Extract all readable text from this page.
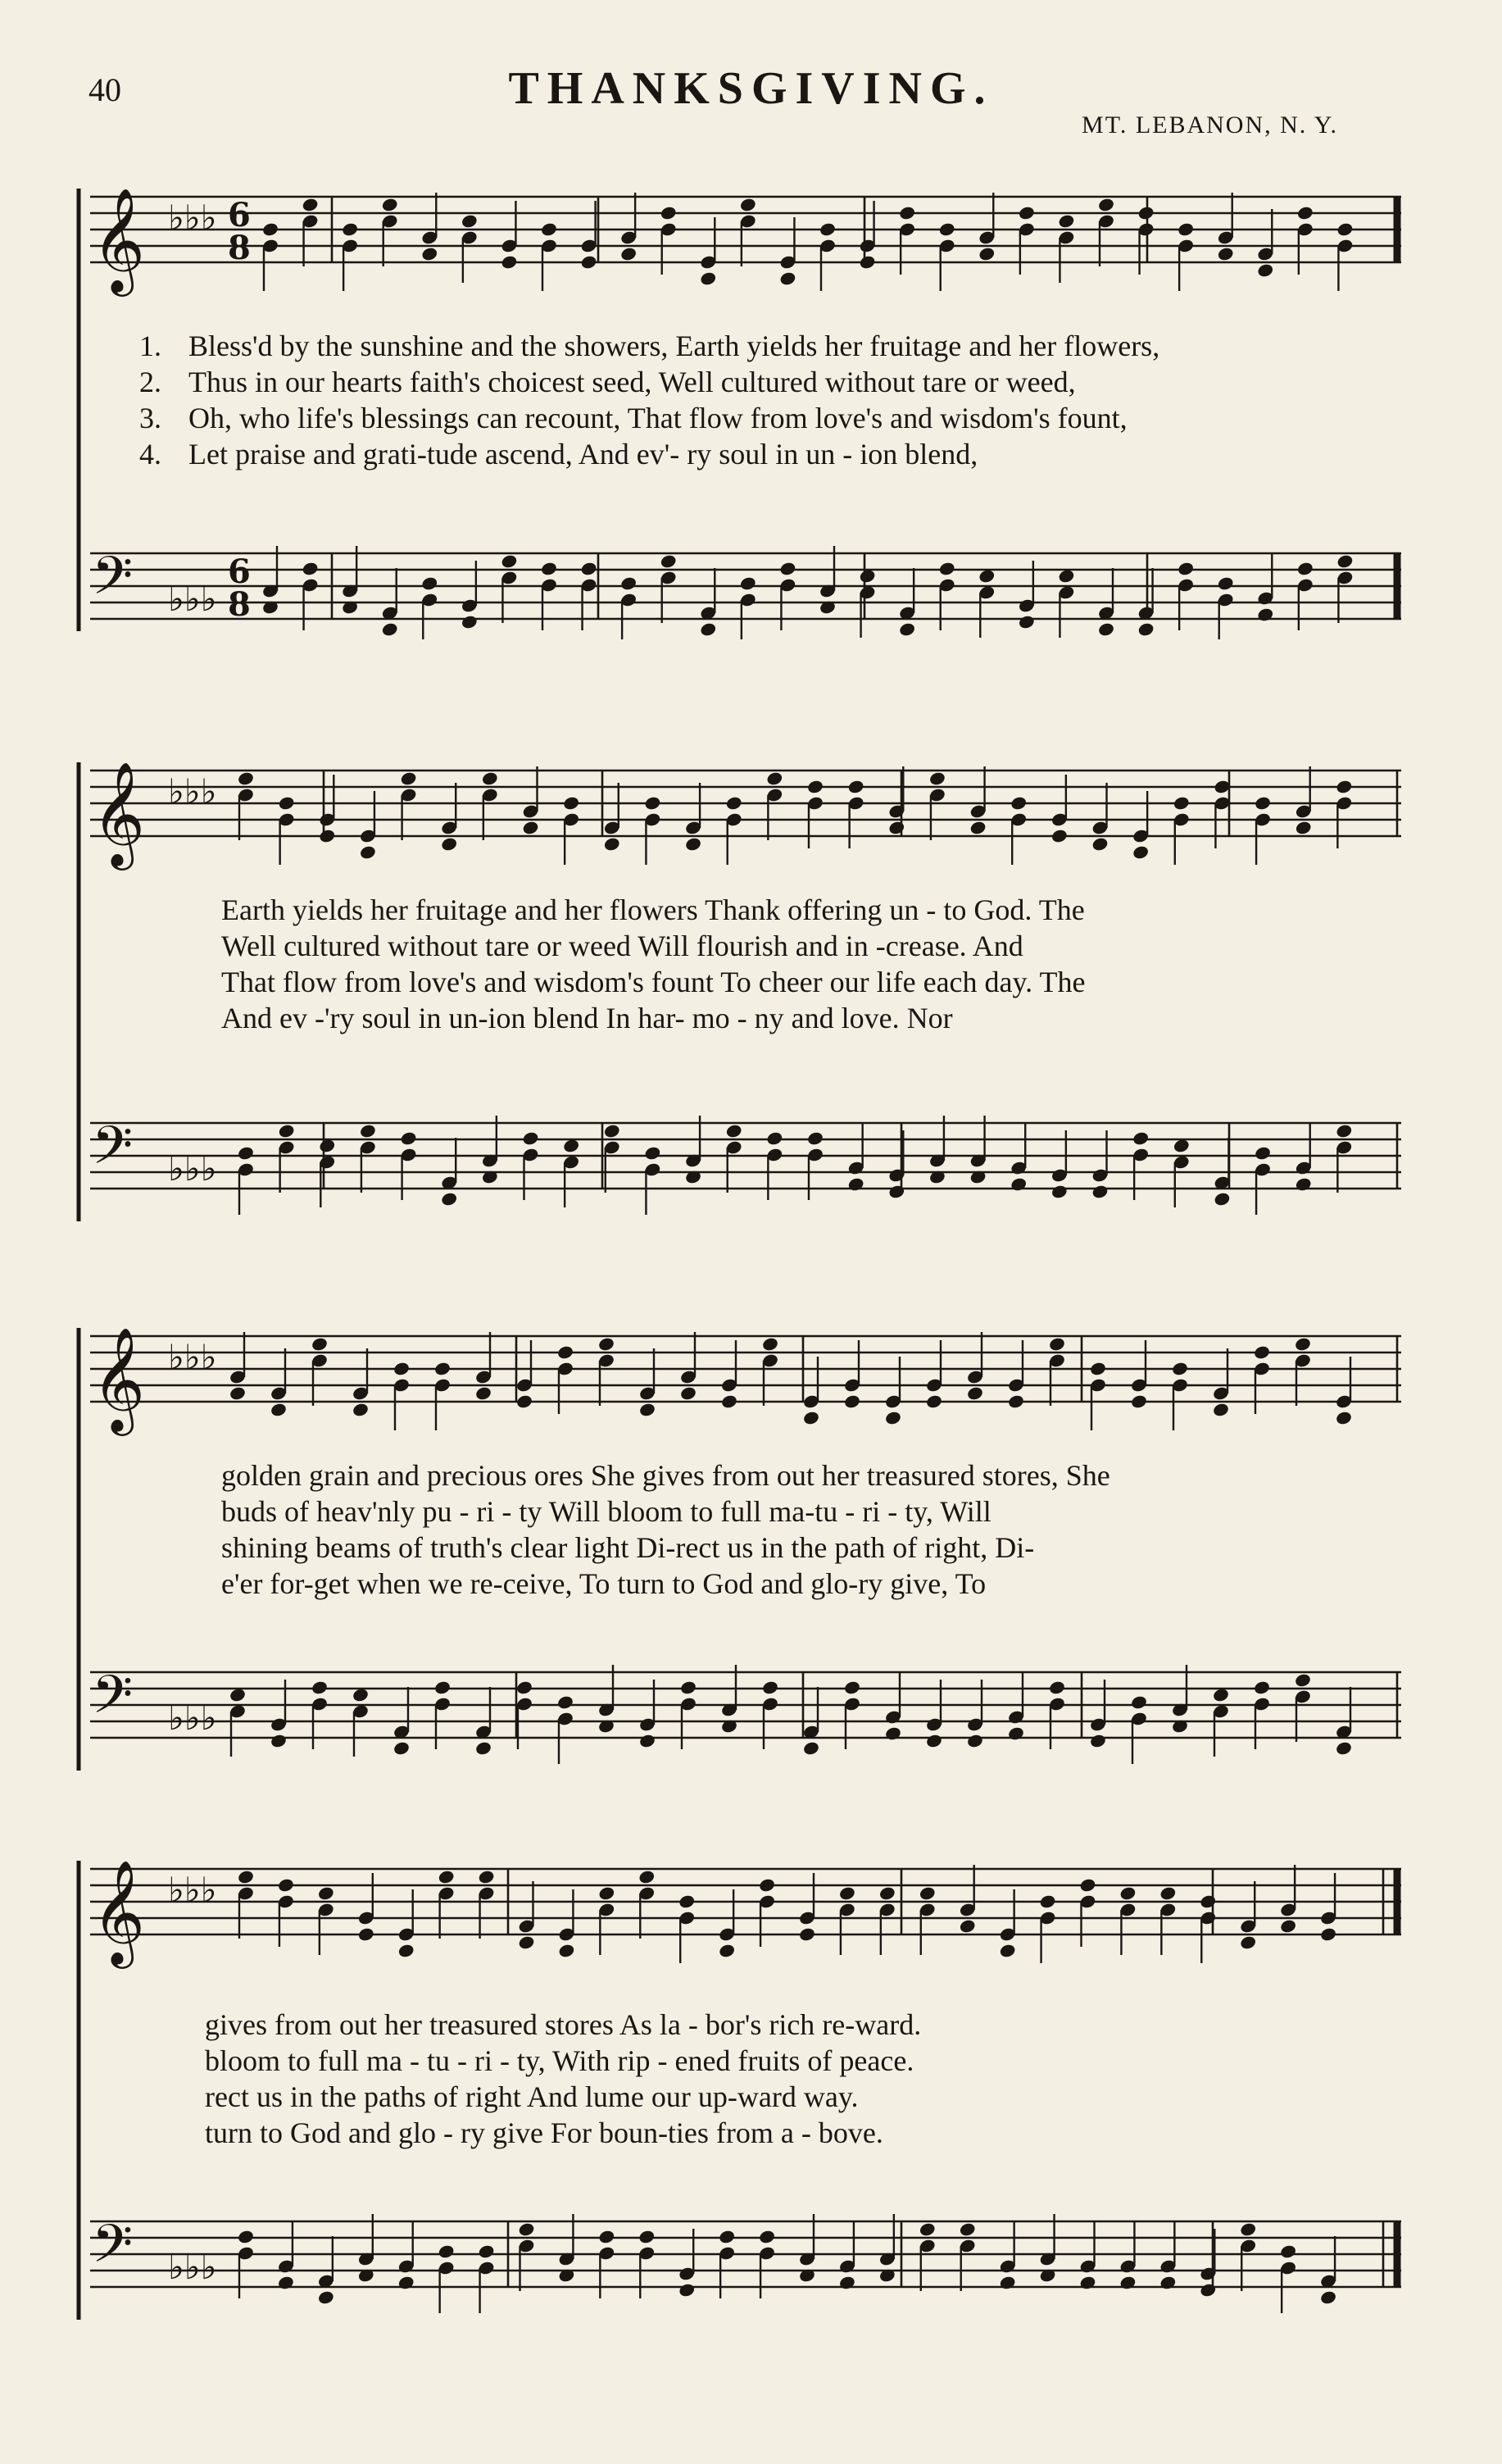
40	THANKSGIVING.
MT. LEBANON, N. Y.
𝄞 ♭♭♭ 6
8
𝄢 ♭♭♭
6
8
1. Bless'd by the sunshine and the showers, Earth yields her fruitage and her flowers,
2. Thus in our hearts faith's choicest seed, Well cultured without tare or weed,
3. Oh, who life's blessings can recount, That flow from love's and wisdom's fount,
4. Let praise and grati-tude ascend, And ev'- ry soul in un - ion blend,
𝄞 ♭♭♭
𝄢 ♭♭♭
Earth yields her fruitage and her flowers Thank offering un - to God. The
Well cultured without tare or weed Will flourish and in -crease. And
That flow from love's and wisdom's fount To cheer our life each day. The
And ev -'ry soul in un-ion blend In har- mo - ny and love. Nor
𝄞 ♭♭♭
𝄢 ♭♭♭
golden grain and precious ores She gives from out her treasured stores, She
buds of heav'nly pu - ri - ty Will bloom to full ma-tu - ri - ty, Will
shining beams of truth's clear light Di-rect us in the path of right, Di-
e'er for-get when we re-ceive, To turn to God and glo-ry give, To
𝄞 ♭♭♭
𝄢 ♭♭♭
gives from out her treasured stores As la - bor's rich re-ward.
bloom to full ma - tu - ri - ty, With rip - ened fruits of peace.
rect us in the paths of right And lume our up-ward way.
turn to God and glo - ry give For boun-ties from a - bove.
